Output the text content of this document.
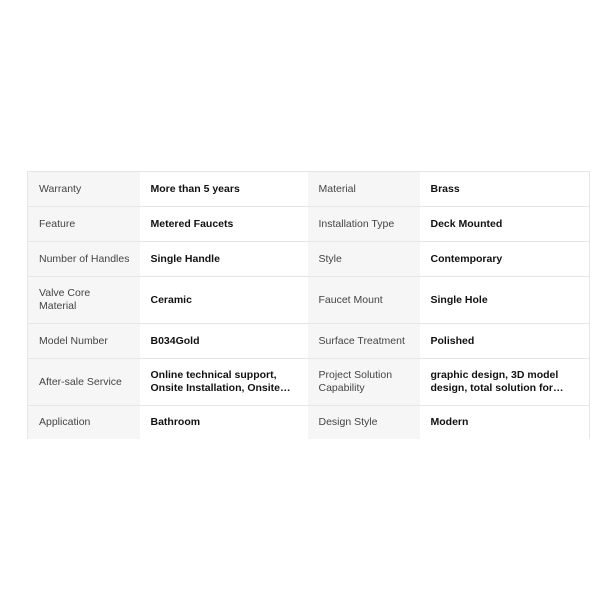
Warranty	More than 5 years	Material	Brass
Feature	Metered Faucets	Installation Type	Deck Mounted
Number of Handles	Single Handle	Style	Contemporary
Valve Core Material	Ceramic	Faucet Mount	Single Hole
Model Number	B034Gold	Surface Treatment	Polished
After-sale Service	Online technical support, Onsite Installation, Onsite…	Project Solution Capability	graphic design, 3D model design, total solution for…

Application	Bathroom	Design Style	Modern
